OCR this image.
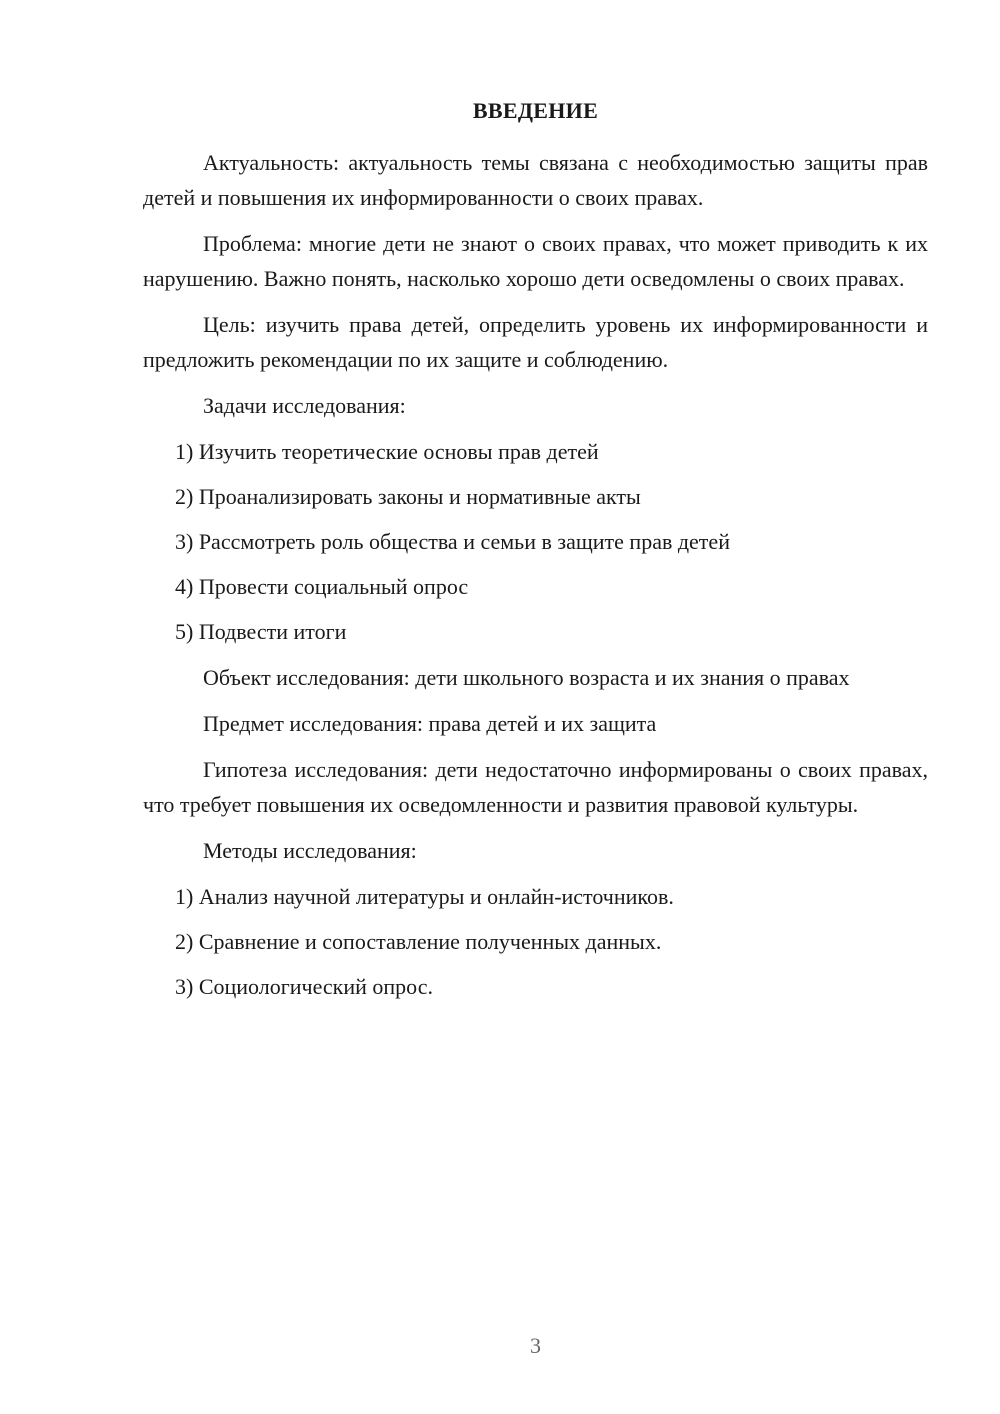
ВВЕДЕНИЕ

Актуальность: актуальность темы связана с необходимостью защиты прав детей и повышения их информированности о своих правах.

Проблема: многие дети не знают о своих правах, что может приводить к их нарушению. Важно понять, насколько хорошо дети осведомлены о своих правах.

Цель: изучить права детей, определить уровень их информированности и предложить рекомендации по их защите и соблюдению.

Задачи исследования:
1) Изучить теоретические основы прав детей
2) Проанализировать законы и нормативные акты
3) Рассмотреть роль общества и семьи в защите прав детей
4) Провести социальный опрос
5) Подвести итоги

Объект исследования: дети школьного возраста и их знания о правах

Предмет исследования: права детей и их защита

Гипотеза исследования: дети недостаточно информированы о своих правах, что требует повышения их осведомленности и развития правовой культуры.

Методы исследования:
1) Анализ научной литературы и онлайн-источников.
2) Сравнение и сопоставление полученных данных.
3) Социологический опрос.
3
